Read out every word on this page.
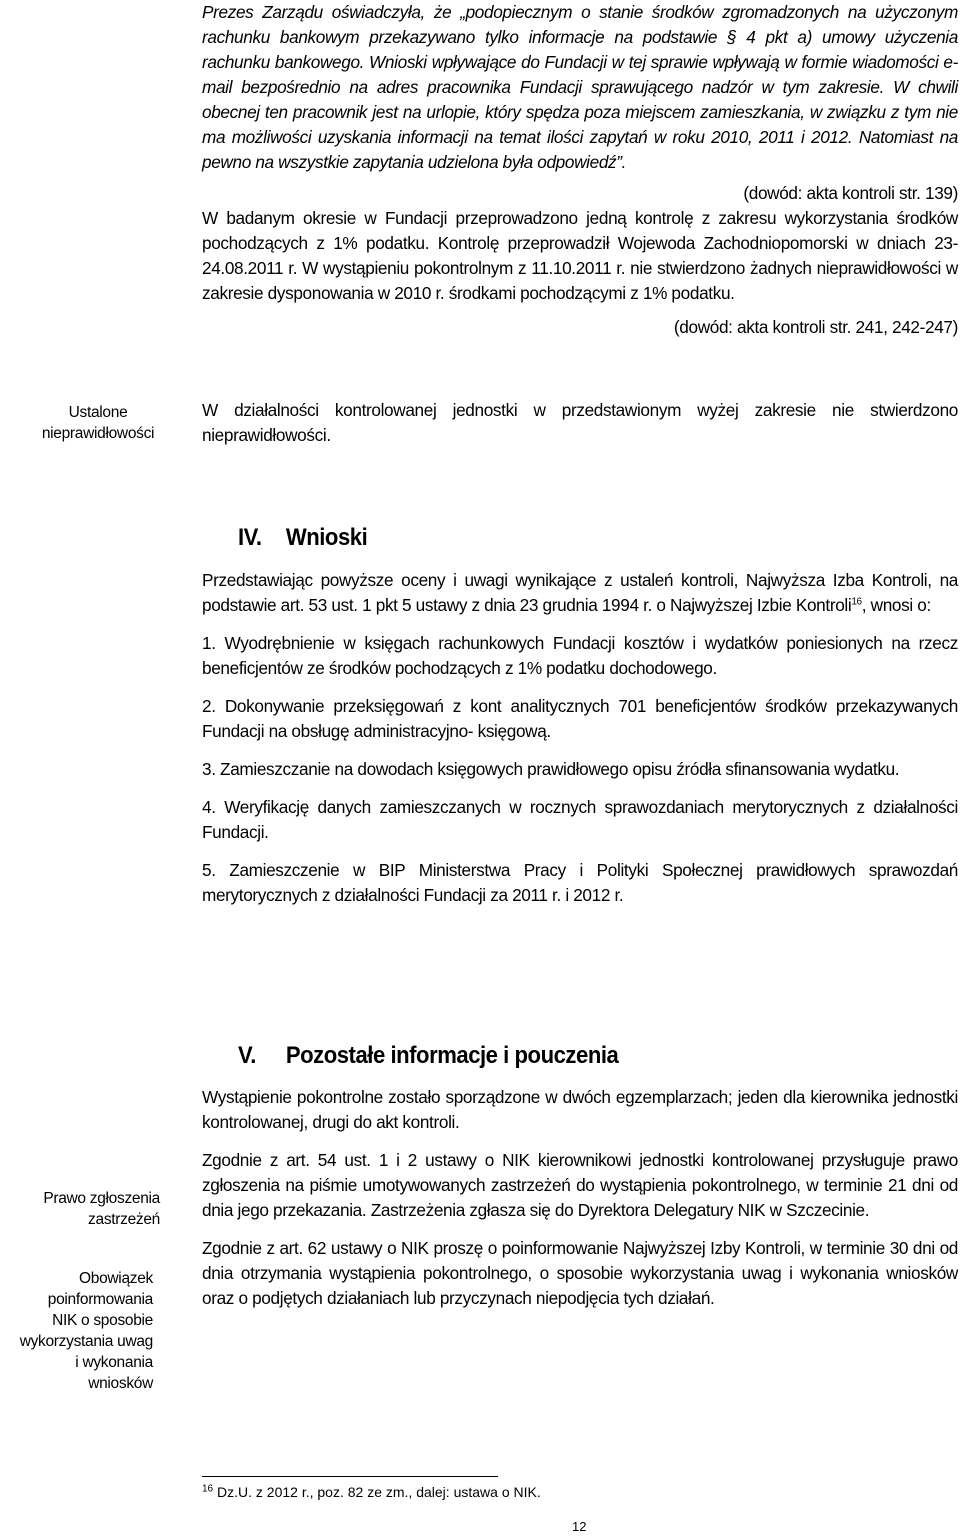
Prezes Zarządu oświadczyła, że „podopiecznym o stanie środków zgromadzonych na użyczonym rachunku bankowym przekazywano tylko informacje na podstawie § 4 pkt a) umowy użyczenia rachunku bankowego. Wnioski wpływające do Fundacji w tej sprawie wpływają w formie wiadomości e-mail bezpośrednio na adres pracownika Fundacji sprawującego nadzór w tym zakresie. W chwili obecnej ten pracownik jest na urlopie, który spędza poza miejscem zamieszkania, w związku z tym nie ma możliwości uzyskania informacji na temat ilości zapytań w roku 2010, 2011 i 2012. Natomiast na pewno na wszystkie zapytania udzielona była odpowiedź”.

(dowód: akta kontroli str. 139)

W badanym okresie w Fundacji przeprowadzono jedną kontrolę z zakresu wykorzystania środków pochodzących z 1% podatku. Kontrolę przeprowadził Wojewoda Zachodniopomorski w dniach 23-24.08.2011 r. W wystąpieniu pokontrolnym z 11.10.2011 r. nie stwierdzono żadnych nieprawidłowości w zakresie dysponowania w 2010 r. środkami pochodzącymi z 1% podatku.

(dowód: akta kontroli str. 241, 242-247)

Ustalone
nieprawidłowości

W działalności kontrolowanej jednostki w przedstawionym wyżej zakresie nie stwierdzono nieprawidłowości.

IV. Wnioski

Przedstawiając powyższe oceny i uwagi wynikające z ustaleń kontroli, Najwyższa Izba Kontroli, na podstawie art. 53 ust. 1 pkt 5 ustawy z dnia 23 grudnia 1994 r. o Najwyższej Izbie Kontroli$^{16}$, wnosi o:

1. Wyodrębnienie w księgach rachunkowych Fundacji kosztów i wydatków poniesionych na rzecz beneficjentów ze środków pochodzących z 1% podatku dochodowego.

2. Dokonywanie przeksięgowań z kont analitycznych 701 beneficjentów środków przekazywanych Fundacji na obsługę administracyjno- księgową.

3. Zamieszczanie na dowodach księgowych prawidłowego opisu źródła sfinansowania wydatku.

4. Weryfikację danych zamieszczanych w rocznych sprawozdaniach merytorycznych z działalności Fundacji.

5. Zamieszczenie w BIP Ministerstwa Pracy i Polityki Społecznej prawidłowych sprawozdań merytorycznych z działalności Fundacji za 2011 r. i 2012 r.

V. Pozostałe informacje i pouczenia

Wystąpienie pokontrolne zostało sporządzone w dwóch egzemplarzach; jeden dla kierownika jednostki kontrolowanej, drugi do akt kontroli.

Zgodnie z art. 54 ust. 1 i 2 ustawy o NIK kierownikowi jednostki kontrolowanej przysługuje prawo zgłoszenia na piśmie umotywowanych zastrzeżeń do wystąpienia pokontrolnego, w terminie 21 dni od dnia jego przekazania. Zastrzeżenia zgłasza się do Dyrektora Delegatury NIK w Szczecinie.

Zgodnie z art. 62 ustawy o NIK proszę o poinformowanie Najwyższej Izby Kontroli, w terminie 30 dni od dnia otrzymania wystąpienia pokontrolnego, o sposobie wykorzystania uwag i wykonania wniosków oraz o podjętych działaniach lub przyczynach niepodjęcia tych działań.

Prawo zgłoszenia
zastrzeżeń
Obowiązek
poinformowania
NIK o sposobie
wykorzystania uwag
i wykonania
wniosków
$^{16}$ Dz.U. z 2012 r., poz. 82 ze zm., dalej: ustawa o NIK.
12
